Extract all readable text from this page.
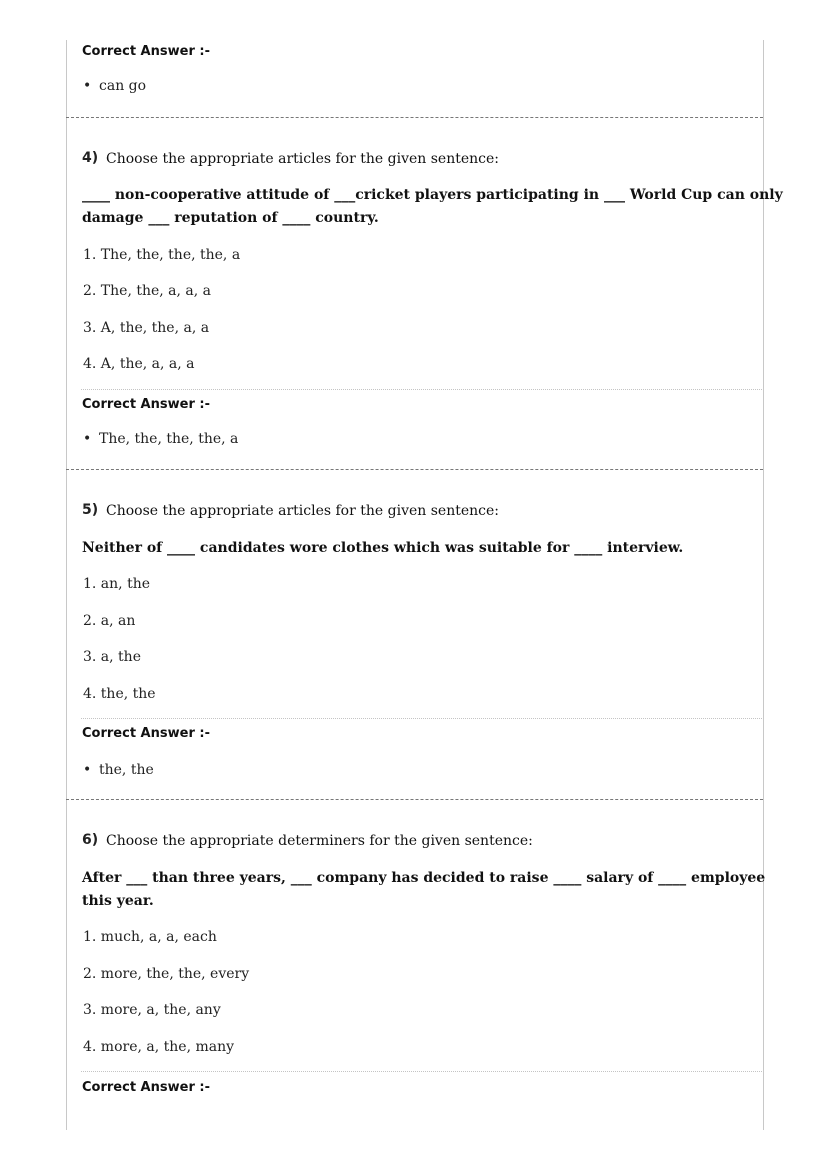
Correct Answer :-
• can go
4) Choose the appropriate articles for the given sentence:
____ non-cooperative attitude of ___cricket players participating in ___ World Cup can only
damage ___ reputation of ____ country.
1. The, the, the, the, a
2. The, the, a, a, a
3. A, the, the, a, a
4. A, the, a, a, a
Correct Answer :-
• The, the, the, the, a
5) Choose the appropriate articles for the given sentence:
Neither of ____ candidates wore clothes which was suitable for ____ interview.
1. an, the
2. a, an
3. a, the
4. the, the
Correct Answer :-
• the, the
6) Choose the appropriate determiners for the given sentence:
After ___ than three years, ___ company has decided to raise ____ salary of ____ employee
this year.
1. much, a, a, each
2. more, the, the, every
3. more, a, the, any
4. more, a, the, many
Correct Answer :-
